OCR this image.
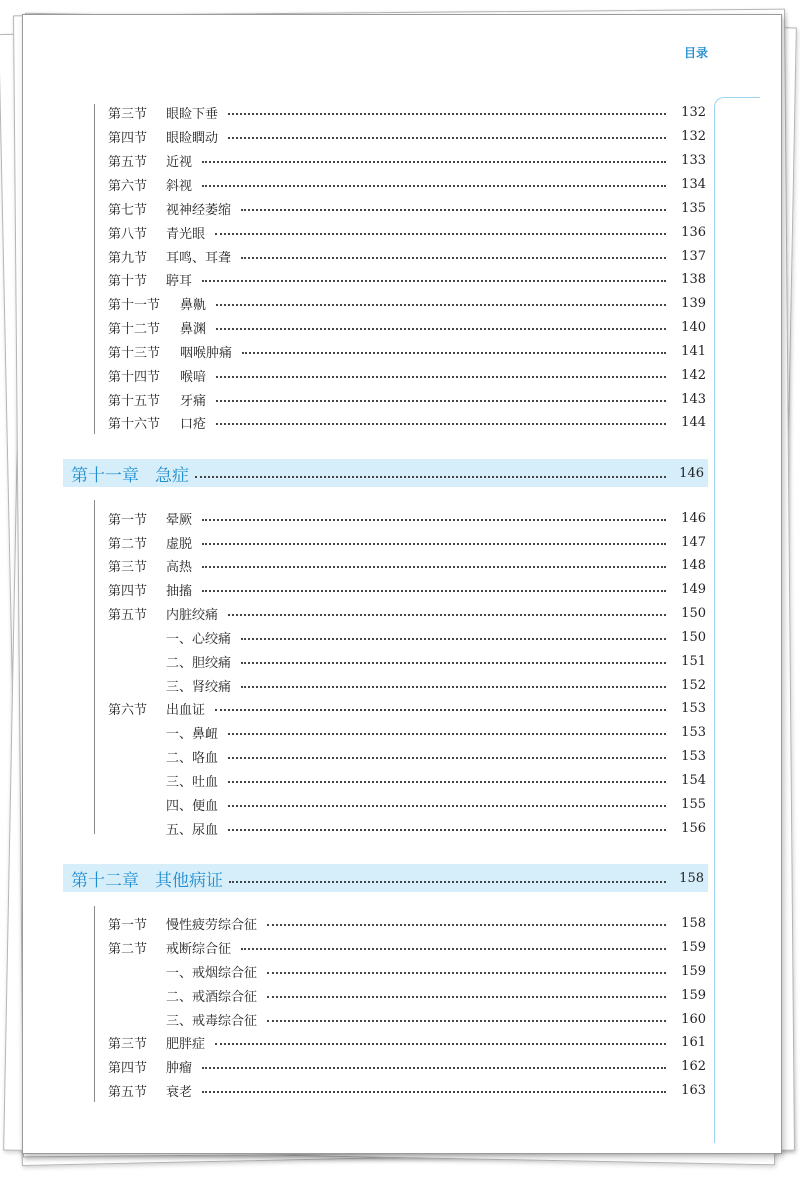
目录
第三节	眼睑下垂	132
第四节	眼睑瞤动	132
第五节	近视	133
第六节	斜视	134
第七节	视神经萎缩	135
第八节	青光眼	136
第九节	耳鸣、耳聋	137
第十节	聤耳	138
第十一节	鼻鼽	139
第十二节	鼻渊	140
第十三节	咽喉肿痛	141
第十四节	喉喑	142
第十五节	牙痛	143
第十六节	口疮	144
第十一章 急症	146
第一节	晕厥	146
第二节	虚脱	147
第三节	高热	148
第四节	抽搐	149
第五节	内脏绞痛	150
一、心绞痛	150
二、胆绞痛	151
三、肾绞痛	152
第六节	出血证	153
一、鼻衄	153
二、咯血	153
三、吐血	154
四、便血	155
五、尿血	156
第十二章 其他病证	158
第一节	慢性疲劳综合征	158
第二节	戒断综合征	159
一、戒烟综合征	159
二、戒酒综合征	159
三、戒毒综合征	160
第三节	肥胖症	161
第四节	肿瘤	162
第五节	衰老	163
